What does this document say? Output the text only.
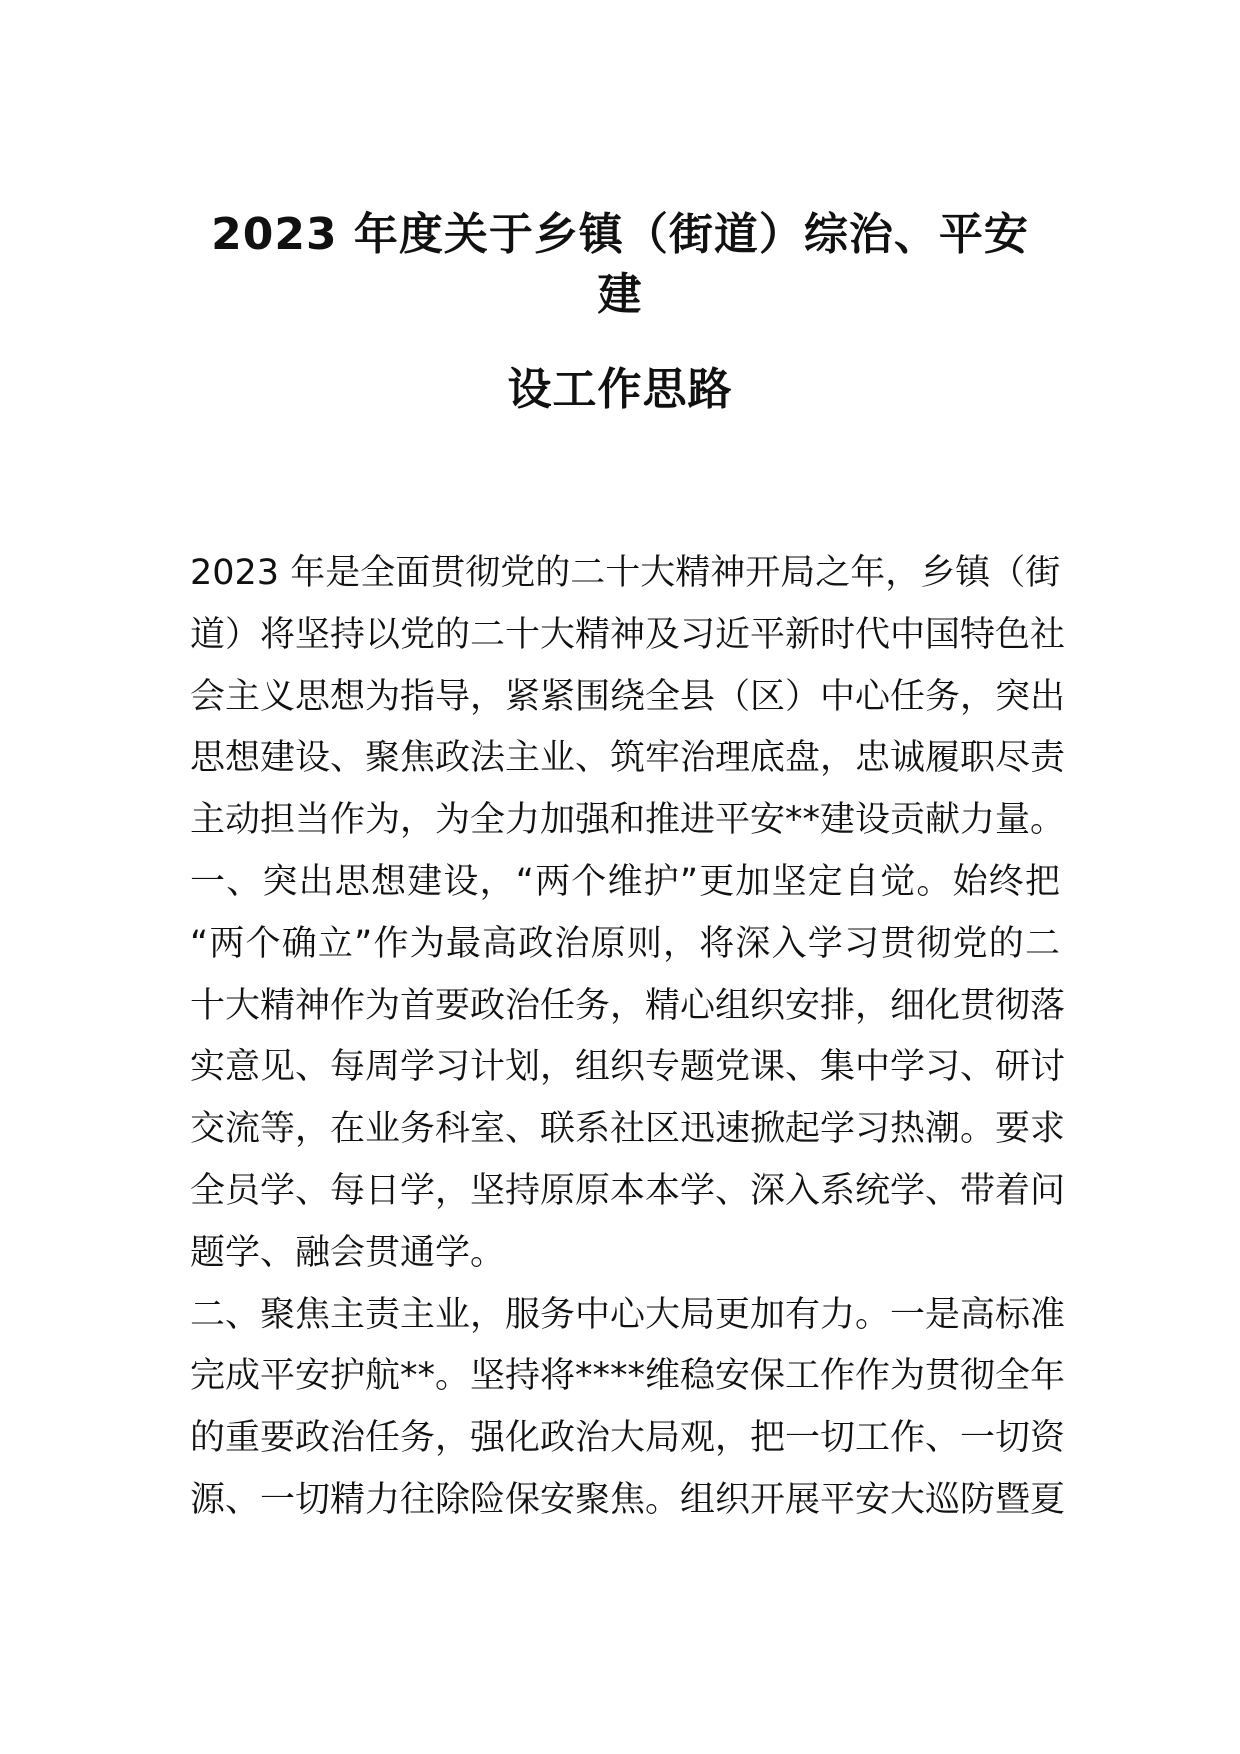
2023 年度关于乡镇（街道）综治、平安建
设工作思路
2023 年是全面贯彻党的二十大精神开局之年，乡镇（街
道）将坚持以党的二十大精神及习近平新时代中国特色社
会主义思想为指导，紧紧围绕全县（区）中心任务，突出
思想建设、聚焦政法主业、筑牢治理底盘，忠诚履职尽责
主动担当作为，为全力加强和推进平安**建设贡献力量。
一、突出思想建设，“两个维护”更加坚定自觉。始终把
“两个确立”作为最高政治原则，将深入学习贯彻党的二
十大精神作为首要政治任务，精心组织安排，细化贯彻落
实意见、每周学习计划，组织专题党课、集中学习、研讨
交流等，在业务科室、联系社区迅速掀起学习热潮。要求
全员学、每日学，坚持原原本本学、深入系统学、带着问
题学、融会贯通学。
二、聚焦主责主业，服务中心大局更加有力。一是高标准
完成平安护航**。坚持将****维稳安保工作作为贯彻全年
的重要政治任务，强化政治大局观，把一切工作、一切资
源、一切精力往除险保安聚焦。组织开展平安大巡防暨夏
